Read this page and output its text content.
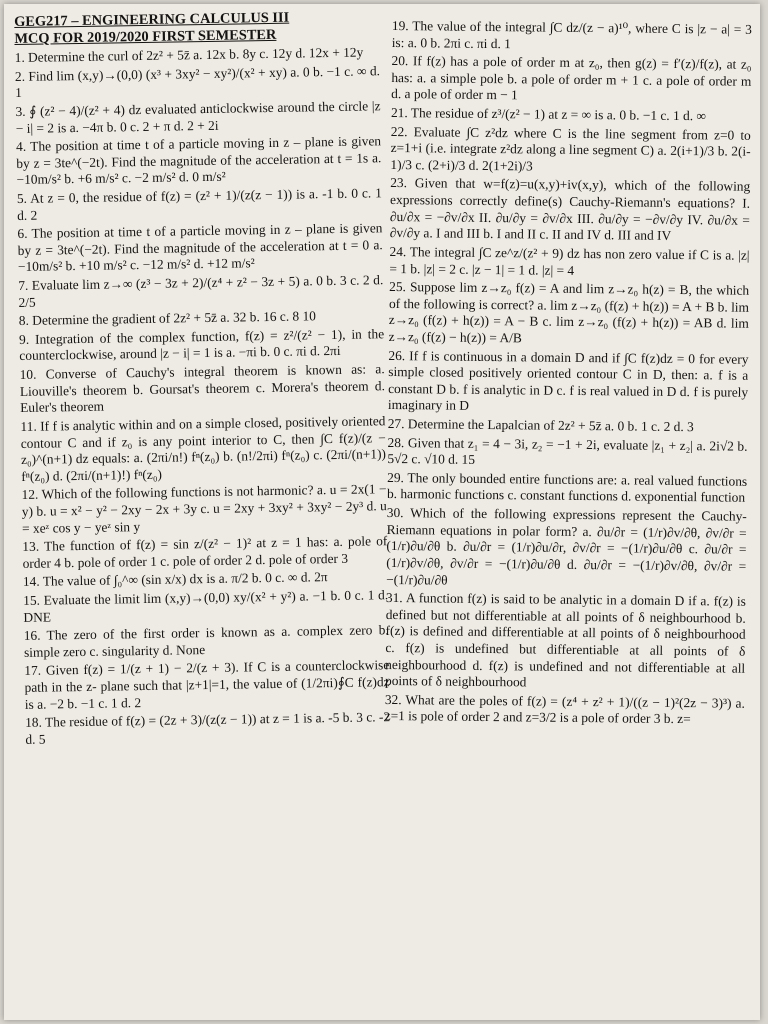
GEG217 – ENGINEERING CALCULUS III
MCQ FOR 2019/2020 FIRST SEMESTER

1. Determine the curl of 2z² + 5z̄ a. 12x b. 8y c. 12y d. 12x + 12y

2. Find lim (x,y)→(0,0) (x³ + 3xy² − xy²)/(x² + xy) a. 0 b. −1 c. ∞ d. 1

3. ∮ (z² − 4)/(z² + 4) dz evaluated anticlockwise around the circle |z − i| = 2 is a. −4π b. 0 c. 2 + π d. 2 + 2i

4. The position at time t of a particle moving in z – plane is given by z = 3te^(−2t). Find the magnitude of the acceleration at t = 1s a. −10m/s² b. +6 m/s² c. −2 m/s² d. 0 m/s²

5. At z = 0, the residue of f(z) = (z² + 1)/(z(z − 1)) is a. -1 b. 0 c. 1 d. 2

6. The position at time t of a particle moving in z – plane is given by z = 3te^(−2t). Find the magnitude of the acceleration at t = 0 a. −10m/s² b. +10 m/s² c. −12 m/s² d. +12 m/s²

7. Evaluate lim z→∞ (z³ − 3z + 2)/(z⁴ + z² − 3z + 5) a. 0 b. 3 c. 2 d. 2/5

8. Determine the gradient of 2z² + 5z̄ a. 32 b. 16 c. 8 10

9. Integration of the complex function, f(z) = z²/(z² − 1), in the counterclockwise, around |z − i| = 1 is a. −πi b. 0 c. πi d. 2πi

10. Converse of Cauchy's integral theorem is known as: a. Liouville's theorem b. Goursat's theorem c. Morera's theorem d. Euler's theorem

11. If f is analytic within and on a simple closed, positively oriented contour C and if z₀ is any point interior to C, then ∫C f(z)/(z − z₀)^(n+1) dz equals: a. (2πi/n!) fⁿ(z₀) b. (n!/2πi) fⁿ(z₀) c. (2πi/(n+1)) fⁿ(z₀) d. (2πi/(n+1)!) fⁿ(z₀)

12. Which of the following functions is not harmonic? a. u = 2x(1 − y) b. u = x² − y² − 2xy − 2x + 3y c. u = 2xy + 3xy² + 3xy² − 2y³ d. u = xeᶻ cos y − yeᶻ sin y

13. The function of f(z) = sin z/(z² − 1)² at z = 1 has: a. pole of order 4 b. pole of order 1 c. pole of order 2 d. pole of order 3

14. The value of ∫₀^∞ (sin x/x) dx is a. π/2 b. 0 c. ∞ d. 2π

15. Evaluate the limit lim (x,y)→(0,0) xy/(x² + y²) a. −1 b. 0 c. 1 d. DNE

16. The zero of the first order is known as a. complex zero b. simple zero c. singularity d. None

17. Given f(z) = 1/(z + 1) − 2/(z + 3). If C is a counterclockwise path in the z- plane such that |z+1|=1, the value of (1/2πi)∮C f(z)dz is a. −2 b. −1 c. 1 d. 2

18. The residue of f(z) = (2z + 3)/(z(z − 1)) at z = 1 is a. -5 b. 3 c. -2 d. 5

19. The value of the integral ∫C dz/(z − a)¹⁰, where C is |z − a| = 3 is: a. 0 b. 2πi c. πi d. 1

20. If f(z) has a pole of order m at z₀, then g(z) = f′(z)/f(z), at z₀ has: a. a simple pole b. a pole of order m + 1 c. a pole of order m d. a pole of order m − 1

21. The residue of z³/(z² − 1) at z = ∞ is a. 0 b. −1 c. 1 d. ∞

22. Evaluate ∫C z²dz where C is the line segment from z=0 to z=1+i (i.e. integrate z²dz along a line segment C) a. 2(i+1)/3 b. 2(i-1)/3 c. (2+i)/3 d. 2(1+2i)/3

23. Given that w=f(z)=u(x,y)+iv(x,y), which of the following expressions correctly define(s) Cauchy-Riemann's equations? I. ∂u/∂x = −∂v/∂x II. ∂u/∂y = ∂v/∂x III. ∂u/∂y = −∂v/∂y IV. ∂u/∂x = ∂v/∂y a. I and III b. I and II c. II and IV d. III and IV

24. The integral ∫C ze^z/(z² + 9) dz has non zero value if C is a. |z| = 1 b. |z| = 2 c. |z − 1| = 1 d. |z| = 4

25. Suppose lim z→z₀ f(z) = A and lim z→z₀ h(z) = B, the which of the following is correct? a. lim z→z₀ (f(z) + h(z)) = A + B b. lim z→z₀ (f(z) + h(z)) = A − B c. lim z→z₀ (f(z) + h(z)) = AB d. lim z→z₀ (f(z) − h(z)) = A/B

26. If f is continuous in a domain D and if ∫C f(z)dz = 0 for every simple closed positively oriented contour C in D, then: a. f is a constant D b. f is analytic in D c. f is real valued in D d. f is purely imaginary in D

27. Determine the Lapalcian of 2z² + 5z̄ a. 0 b. 1 c. 2 d. 3

28. Given that z₁ = 4 − 3i, z₂ = −1 + 2i, evaluate |z₁ + z₂| a. 2i√2 b. 5√2 c. √10 d. 15

29. The only bounded entire functions are: a. real valued functions b. harmonic functions c. constant functions d. exponential function

30. Which of the following expressions represent the Cauchy-Riemann equations in polar form? a. ∂u/∂r = (1/r)∂v/∂θ, ∂v/∂r = (1/r)∂u/∂θ b. ∂u/∂r = (1/r)∂u/∂r, ∂v/∂r = −(1/r)∂u/∂θ c. ∂u/∂r = (1/r)∂v/∂θ, ∂v/∂r = −(1/r)∂u/∂θ d. ∂u/∂r = −(1/r)∂v/∂θ, ∂v/∂r = −(1/r)∂u/∂θ

31. A function f(z) is said to be analytic in a domain D if a. f(z) is defined but not differentiable at all points of δ neighbourhood b. f(z) is defined and differentiable at all points of δ neighbourhood c. f(z) is undefined but differentiable at all points of δ neighbourhood d. f(z) is undefined and not differentiable at all points of δ neighbourhood

32. What are the poles of f(z) = (z⁴ + z² + 1)/((z − 1)²(2z − 3)³) a. z=1 is pole of order 2 and z=3/2 is a pole of order 3 b. z=
